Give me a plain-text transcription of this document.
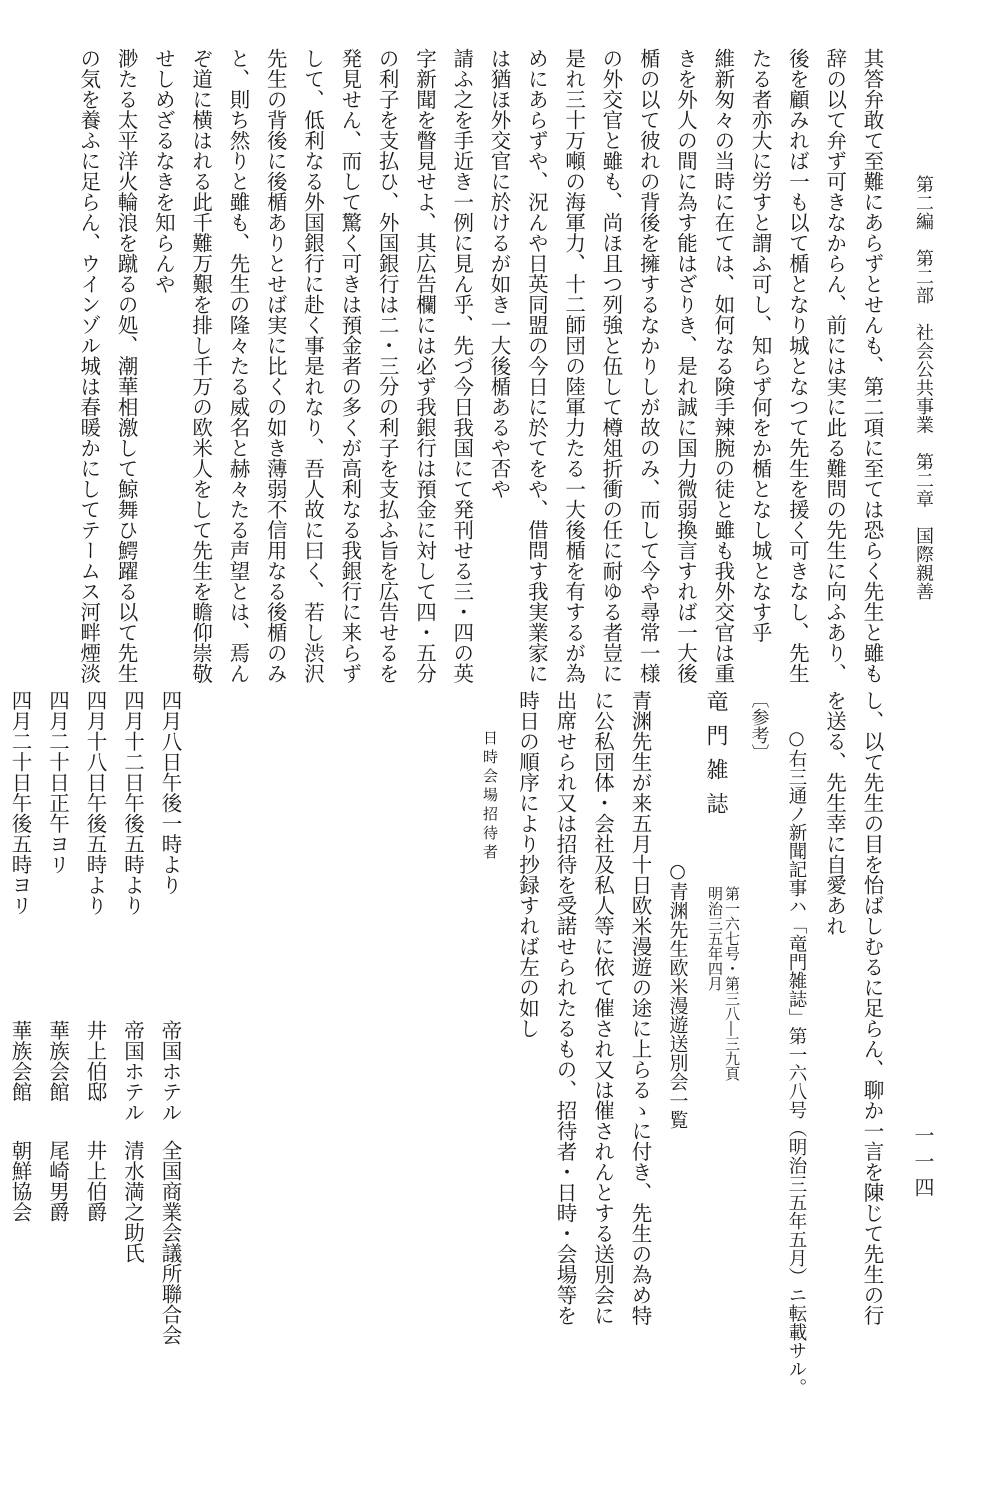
第二編　第二部　社会公共事業　第二章　国際親善
一一四

其答弁敢て至難にあらずとせんも、第二項に至ては恐らく先生と雖も

辞の以て弁ず可きなからん、前には実に此る難問の先生に向ふあり、

後を顧みれば一も以て楯となり城となつて先生を援く可きなし、先生

たる者亦大に労すと謂ふ可し、知らず何をか楯となし城となす乎

維新匆々の当時に在ては、如何なる険手辣腕の徒と雖も我外交官は重

きを外人の間に為す能はざりき、是れ誠に国力微弱換言すれば一大後

楯の以て彼れの背後を擁するなかりしが故のみ、而して今や尋常一様

の外交官と雖も、尚ほ且つ列強と伍して樽俎折衝の任に耐ゆる者豈に

是れ三十万噸の海軍力、十二師団の陸軍力たる一大後楯を有するが為

めにあらずや、況んや日英同盟の今日に於てをや、借問す我実業家に

は猶ほ外交官に於けるが如き一大後楯あるや否や

請ふ之を手近き一例に見ん乎、先づ今日我国にて発刊せる三・四の英

字新聞を瞥見せよ、其広告欄には必ず我銀行は預金に対して四・五分

の利子を支払ひ、外国銀行は二・三分の利子を支払ふ旨を広告せるを

発見せん、而して驚く可きは預金者の多くが高利なる我銀行に来らず

して、低利なる外国銀行に赴く事是れなり、吾人故に曰く、若し渋沢

先生の背後に後楯ありとせば実に比くの如き薄弱不信用なる後楯のみ

と、則ち然りと雖も、先生の隆々たる威名と赫々たる声望とは、焉ん

ぞ道に横はれる此千難万艱を排し千万の欧米人をして先生を瞻仰崇敬

せしめざるなきを知らんや

渺たる太平洋火輪浪を蹴るの処、潮華相激して鯨舞ひ鰐躍る以て先生

の気を養ふに足らん、ウインゾル城は春暖かにしてテームス河畔煙淡

し、以て先生の目を怡ばしむるに足らん、聊か一言を陳じて先生の行

を送る、先生幸に自愛あれ

○右三通ノ新聞記事ハ「竜門雑誌」第一六八号（明治三五年五月）ニ転載サル。

〔参考〕

竜門雑誌第一六七号・第三八―三九頁
明治三五年四月

○青渊先生欧米漫遊送別会一覧

青渊先生が来五月十日欧米漫遊の途に上らるゝに付き、先生の為め特

に公私団体・会社及私人等に依て催され又は催されんとする送別会に

出席せられ又は招待を受諾せられたるもの、招待者・日時・会場等を

時日の順序により抄録すれば左の如し

日時会場招待者

四月八日午後一時より帝国ホテル全国商業会議所聯合会

四月十二日午後五時より帝国ホテル清水満之助氏

四月十八日午後五時より井上伯邸井上伯爵

四月二十日正午ヨリ華族会館尾崎男爵

四月二十日午後五時ヨリ華族会館朝鮮協会
